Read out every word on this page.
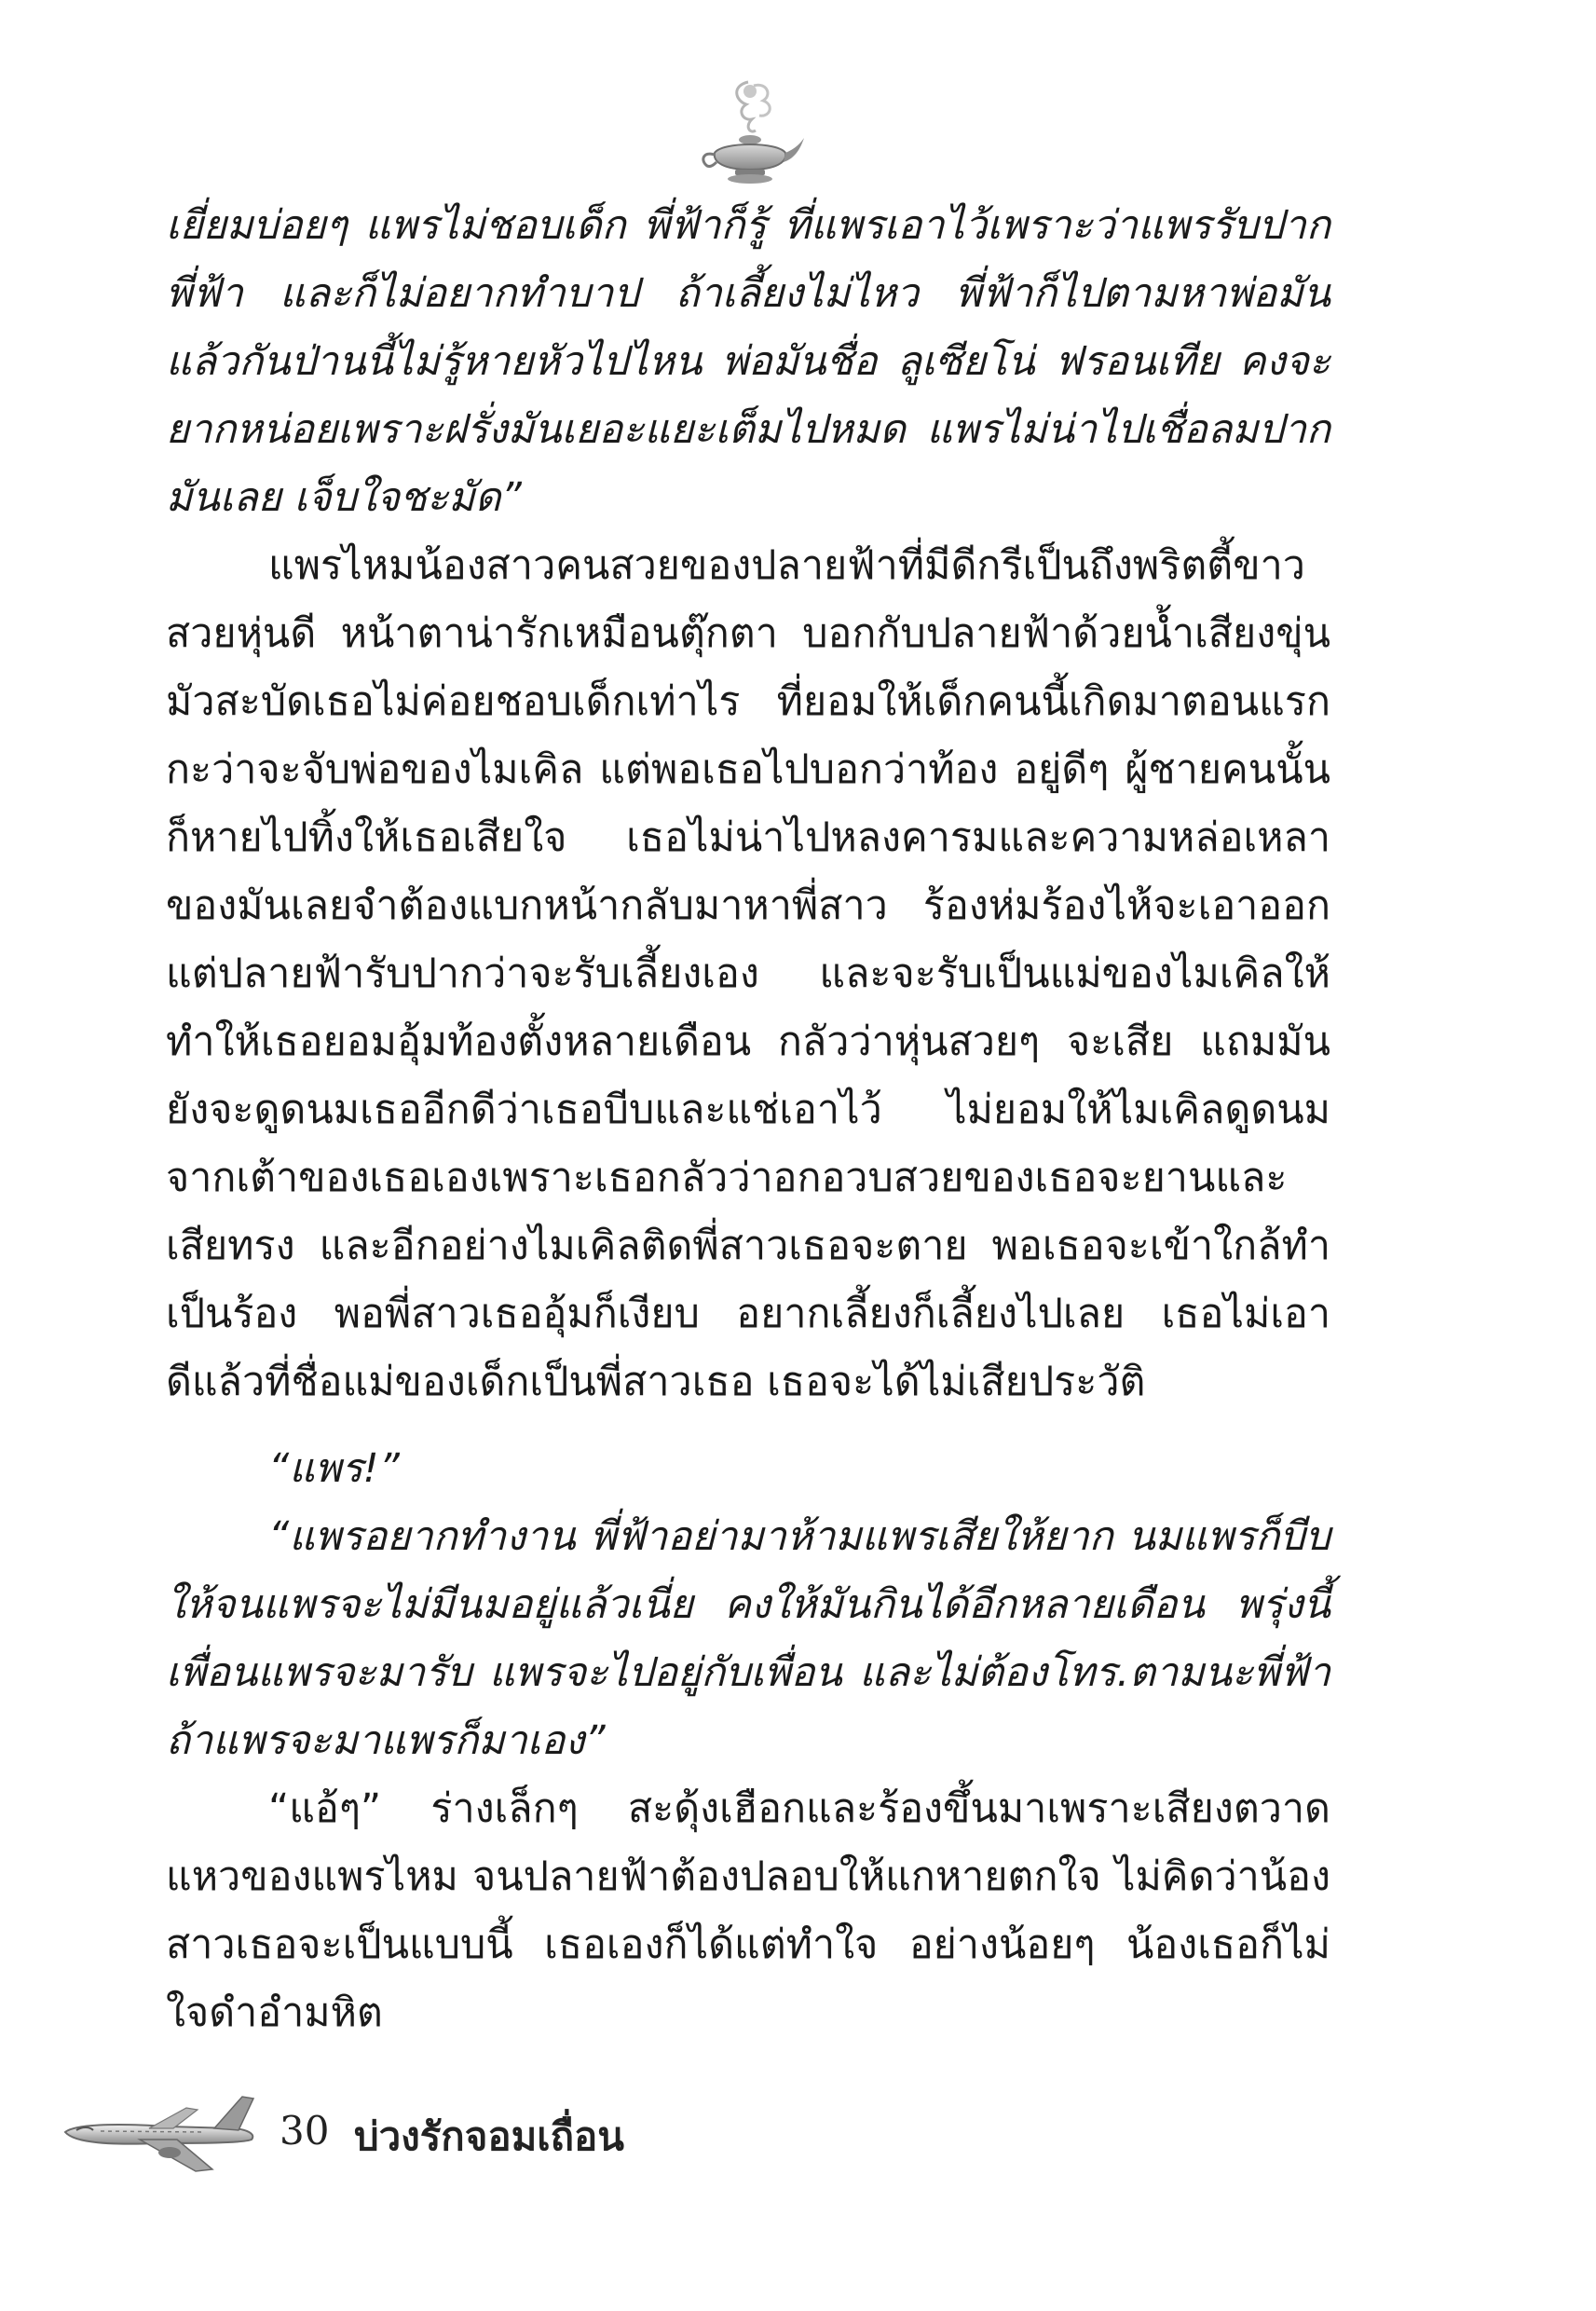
เยี่ยมบ่อยๆ แพรไม่ชอบเด็ก พี่ฟ้าก็รู้ ที่แพรเอาไว้เพราะว่าแพรรับปากพี่ฟ้า และก็ไม่อยากทำบาป ถ้าเลี้ยงไม่ไหว พี่ฟ้าก็ไปตามหาพ่อมันแล้วกันป่านนี้ไม่รู้หายหัวไปไหน พ่อมันชื่อ ลูเซียโน่ ฟรอนเทีย คงจะยากหน่อยเพราะฝรั่งมันเยอะแยะเต็มไปหมด แพรไม่น่าไปเชื่อลมปากมันเลย เจ็บใจชะมัด”

แพรไหมน้องสาวคนสวยของปลายฟ้าที่มีดีกรีเป็นถึงพริตตี้ขาวสวยหุ่นดี หน้าตาน่ารักเหมือนตุ๊กตา บอกกับปลายฟ้าด้วยน้ำเสียงขุ่นมัวสะบัดเธอไม่ค่อยชอบเด็กเท่าไร ที่ยอมให้เด็กคนนี้เกิดมาตอนแรกกะว่าจะจับพ่อของไมเคิล แต่พอเธอไปบอกว่าท้อง อยู่ดีๆ ผู้ชายคนนั้นก็หายไปทิ้งให้เธอเสียใจ เธอไม่น่าไปหลงคารมและความหล่อเหลาของมันเลยจำต้องแบกหน้ากลับมาหาพี่สาว ร้องห่มร้องไห้จะเอาออก แต่ปลายฟ้ารับปากว่าจะรับเลี้ยงเอง และจะรับเป็นแม่ของไมเคิลให้ ทำให้เธอยอมอุ้มท้องตั้งหลายเดือน กลัวว่าหุ่นสวยๆ จะเสีย แถมมันยังจะดูดนมเธออีกดีว่าเธอบีบและแช่เอาไว้ ไม่ยอมให้ไมเคิลดูดนมจากเต้าของเธอเองเพราะเธอกลัวว่าอกอวบสวยของเธอจะยานและเสียทรง และอีกอย่างไมเคิลติดพี่สาวเธอจะตาย พอเธอจะเข้าใกล้ทำเป็นร้อง พอพี่สาวเธออุ้มก็เงียบ อยากเลี้ยงก็เลี้ยงไปเลย เธอไม่เอา ดีแล้วที่ชื่อแม่ของเด็กเป็นพี่สาวเธอ เธอจะได้ไม่เสียประวัติ

“แพร!”

“แพรอยากทำงาน พี่ฟ้าอย่ามาห้ามแพรเสียให้ยาก นมแพรก็บีบให้จนแพรจะไม่มีนมอยู่แล้วเนี่ย คงให้มันกินได้อีกหลายเดือน พรุ่งนี้เพื่อนแพรจะมารับ แพรจะไปอยู่กับเพื่อน และไม่ต้องโทร.ตามนะพี่ฟ้าถ้าแพรจะมาแพรก็มาเอง”

“แอ้ๆ” ร่างเล็กๆ สะดุ้งเฮือกและร้องขึ้นมาเพราะเสียงตวาดแหวของแพรไหม จนปลายฟ้าต้องปลอบให้แกหายตกใจ ไม่คิดว่าน้องสาวเธอจะเป็นแบบนี้ เธอเองก็ได้แต่ทำใจ อย่างน้อยๆ น้องเธอก็ไม่ใจดำอำมหิต

30 บ่วงรักจอมเถื่อน
